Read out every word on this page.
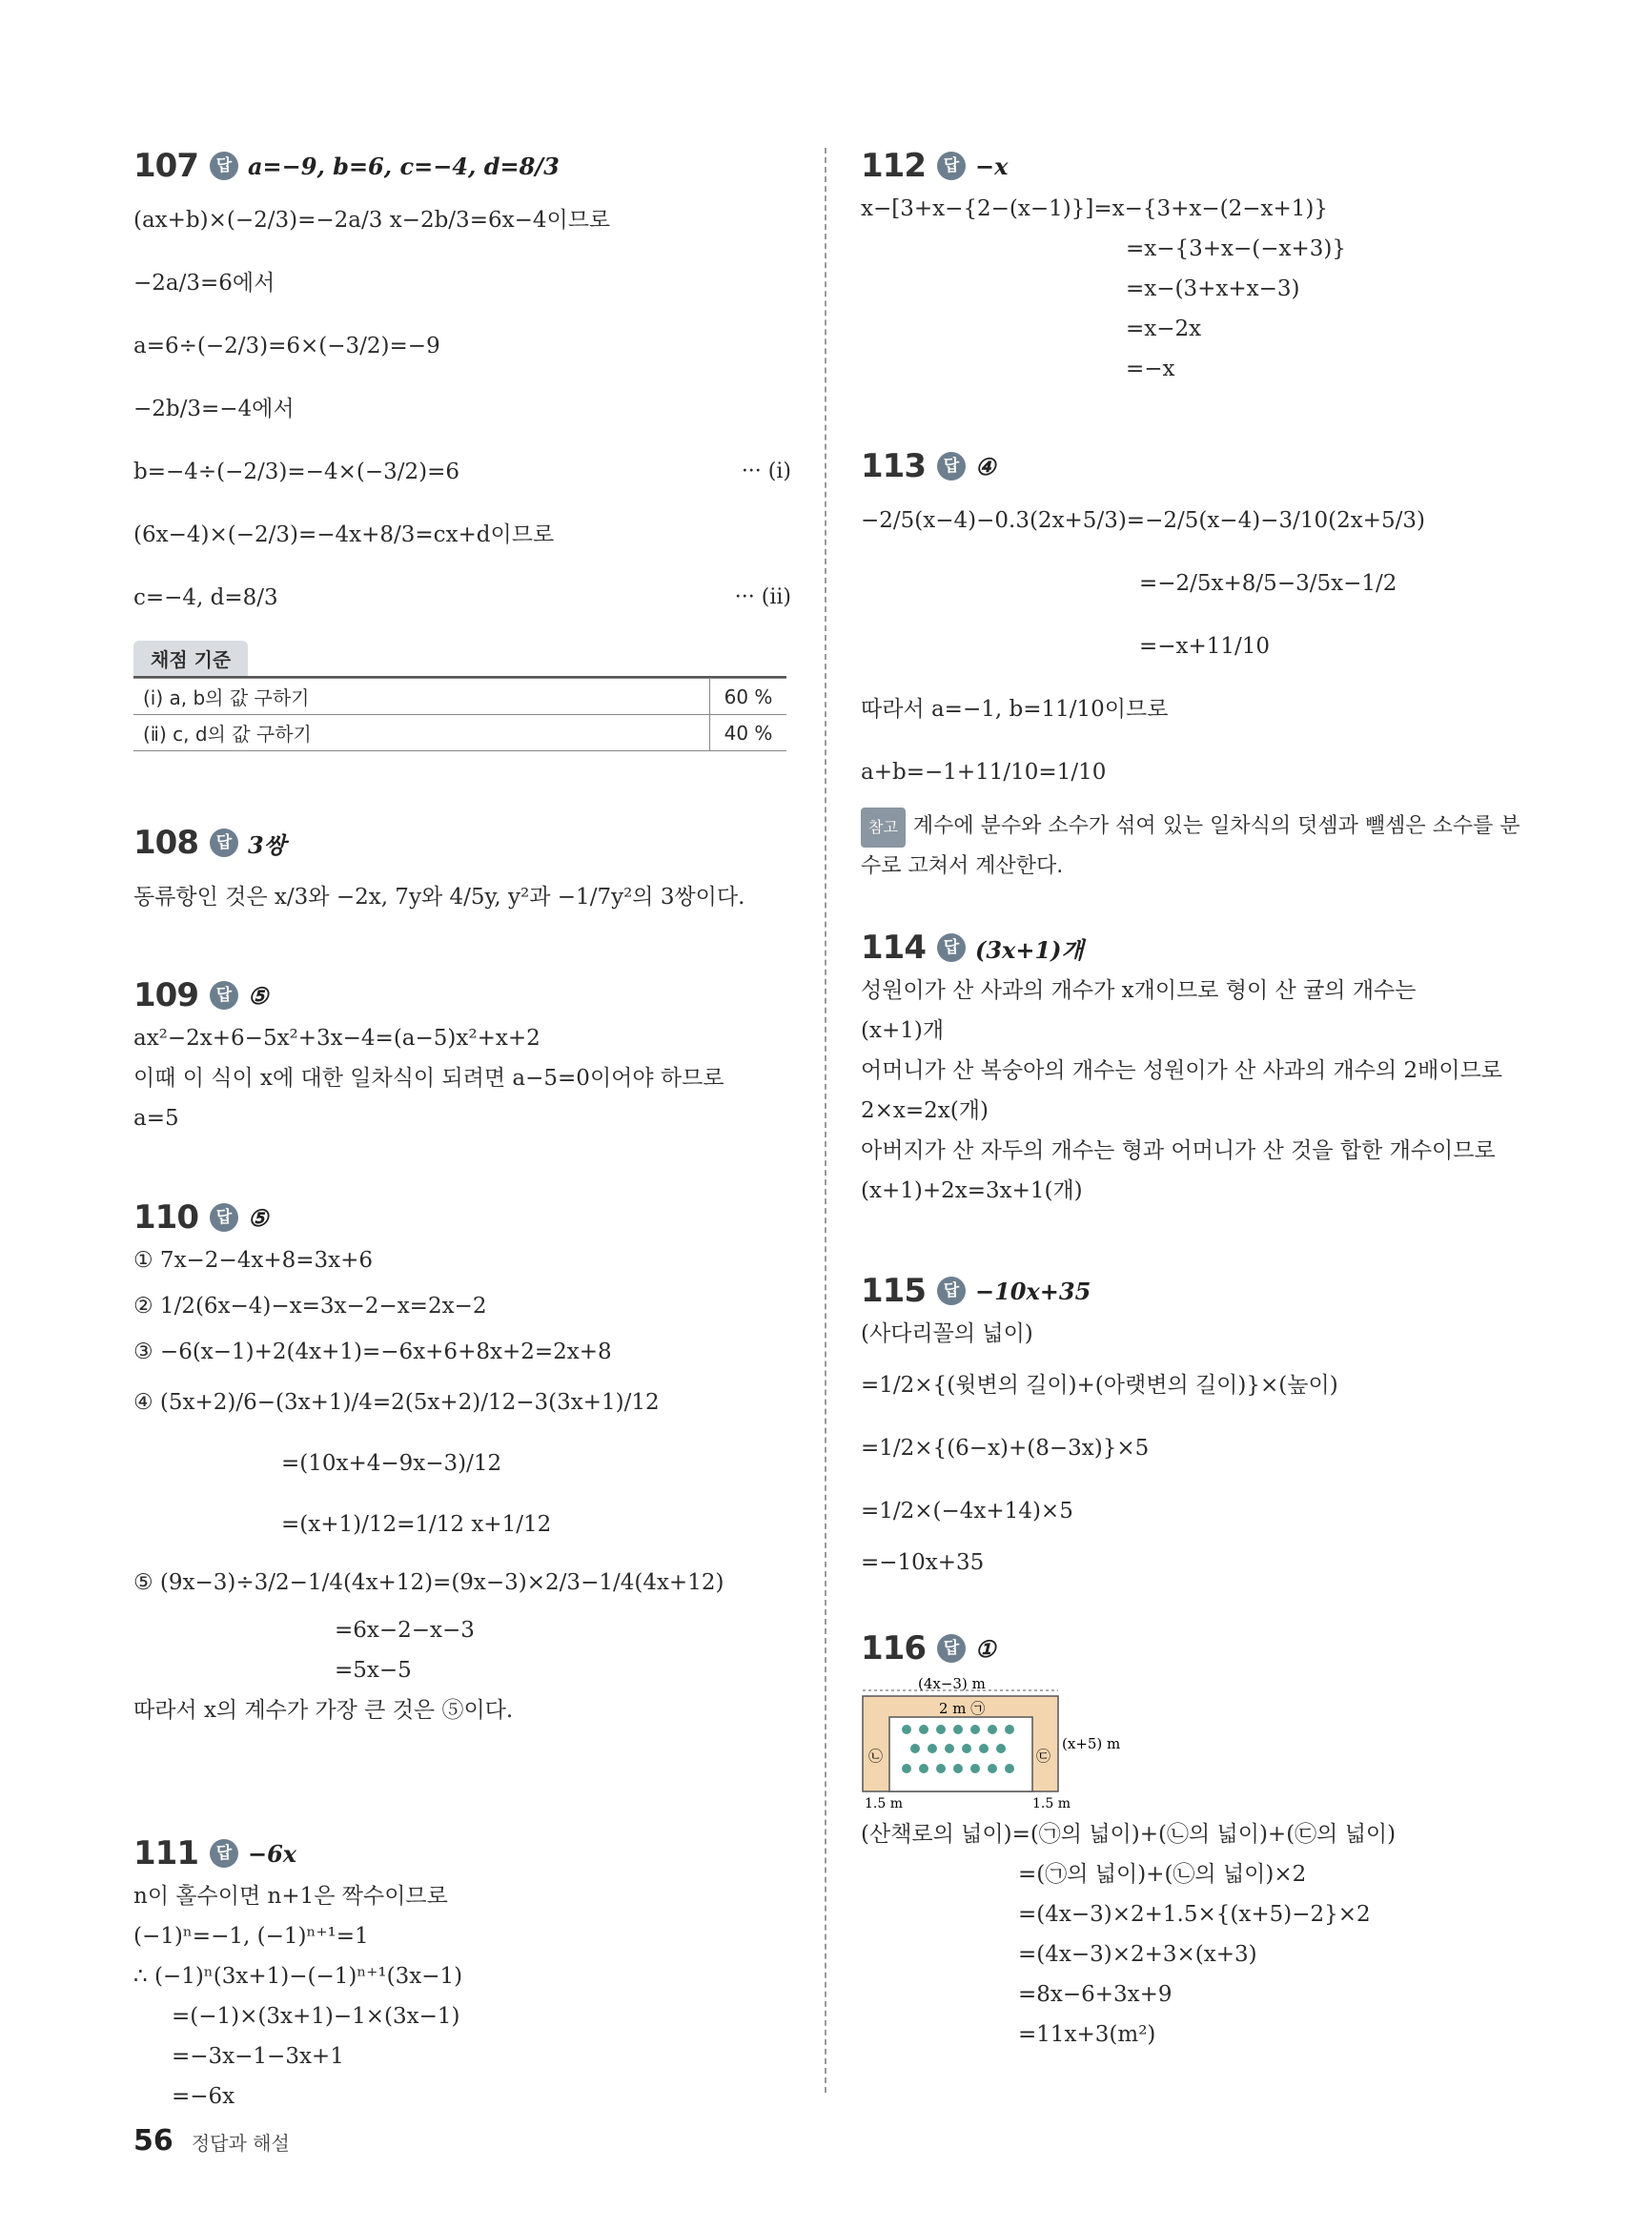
107	답 a=−9, b=6, c=−4, d=8/3
(ax+b)×(−2/3)=−2a/3 x−2b/3=6x−4이므로
−2a/3=6에서
a=6÷(−2/3)=6×(−3/2)=−9
−2b/3=−4에서
b=−4÷(−2/3)=−4×(−3/2)=6	··· (ⅰ)
(6x−4)×(−2/3)=−4x+8/3=cx+d이므로
c=−4, d=8/3	··· (ⅱ)
채점 기준
(ⅰ) a, b의 값 구하기	60 %
(ⅱ) c, d의 값 구하기	40 %
108	답 3쌍
동류항인 것은 x/3와 −2x, 7y와 4/5y, y²과 −1/7y²의 3쌍이다.
109	답 ⑤
ax²−2x+6−5x²+3x−4=(a−5)x²+x+2
이때 이 식이 x에 대한 일차식이 되려면 a−5=0이어야 하므로
a=5
110	답 ⑤
① 7x−2−4x+8=3x+6
② 1/2(6x−4)−x=3x−2−x=2x−2
③ −6(x−1)+2(4x+1)=−6x+6+8x+2=2x+8
④ (5x+2)/6−(3x+1)/4=2(5x+2)/12−3(3x+1)/12
=(10x+4−9x−3)/12
=(x+1)/12=1/12 x+1/12
⑤ (9x−3)÷3/2−1/4(4x+12)=(9x−3)×2/3−1/4(4x+12)
=6x−2−x−3
=5x−5
따라서 x의 계수가 가장 큰 것은 ⑤이다.
111	답 −6x
n이 홀수이면 n+1은 짝수이므로
(−1)ⁿ=−1, (−1)ⁿ⁺¹=1
∴ (−1)ⁿ(3x+1)−(−1)ⁿ⁺¹(3x−1)
=(−1)×(3x+1)−1×(3x−1)
=−3x−1−3x+1
=−6x
112	답 −x
x−[3+x−{2−(x−1)}]=x−{3+x−(2−x+1)}
=x−{3+x−(−x+3)}
=x−(3+x+x−3)
=x−2x
=−x
113	답 ④
−2/5(x−4)−0.3(2x+5/3)=−2/5(x−4)−3/10(2x+5/3)
=−2/5x+8/5−3/5x−1/2
=−x+11/10
따라서 a=−1, b=11/10이므로
a+b=−1+11/10=1/10
참고 계수에 분수와 소수가 섞여 있는 일차식의 덧셈과 뺄셈은 소수를 분수로 고쳐서 계산한다.
114	답 (3x+1)개
성원이가 산 사과의 개수가 x개이므로 형이 산 귤의 개수는
(x+1)개
어머니가 산 복숭아의 개수는 성원이가 산 사과의 개수의 2배이므로
2×x=2x(개)
아버지가 산 자두의 개수는 형과 어머니가 산 것을 합한 개수이므로
(x+1)+2x=3x+1(개)
115	답 −10x+35
(사다리꼴의 넓이)
=1/2×{(윗변의 길이)+(아랫변의 길이)}×(높이)
=1/2×{(6−x)+(8−3x)}×5
=1/2×(−4x+14)×5
=−10x+35
116	답 ①
(4x−3) m
2 m ㉠
(x+5) m
㉡	㉢
1.5 m	1.5 m
(산책로의 넓이)=(㉠의 넓이)+(㉡의 넓이)+(㉢의 넓이)
=(㉠의 넓이)+(㉡의 넓이)×2
=(4x−3)×2+1.5×{(x+5)−2}×2
=(4x−3)×2+3×(x+3)
=8x−6+3x+9
=11x+3(m²)
56 정답과 해설
